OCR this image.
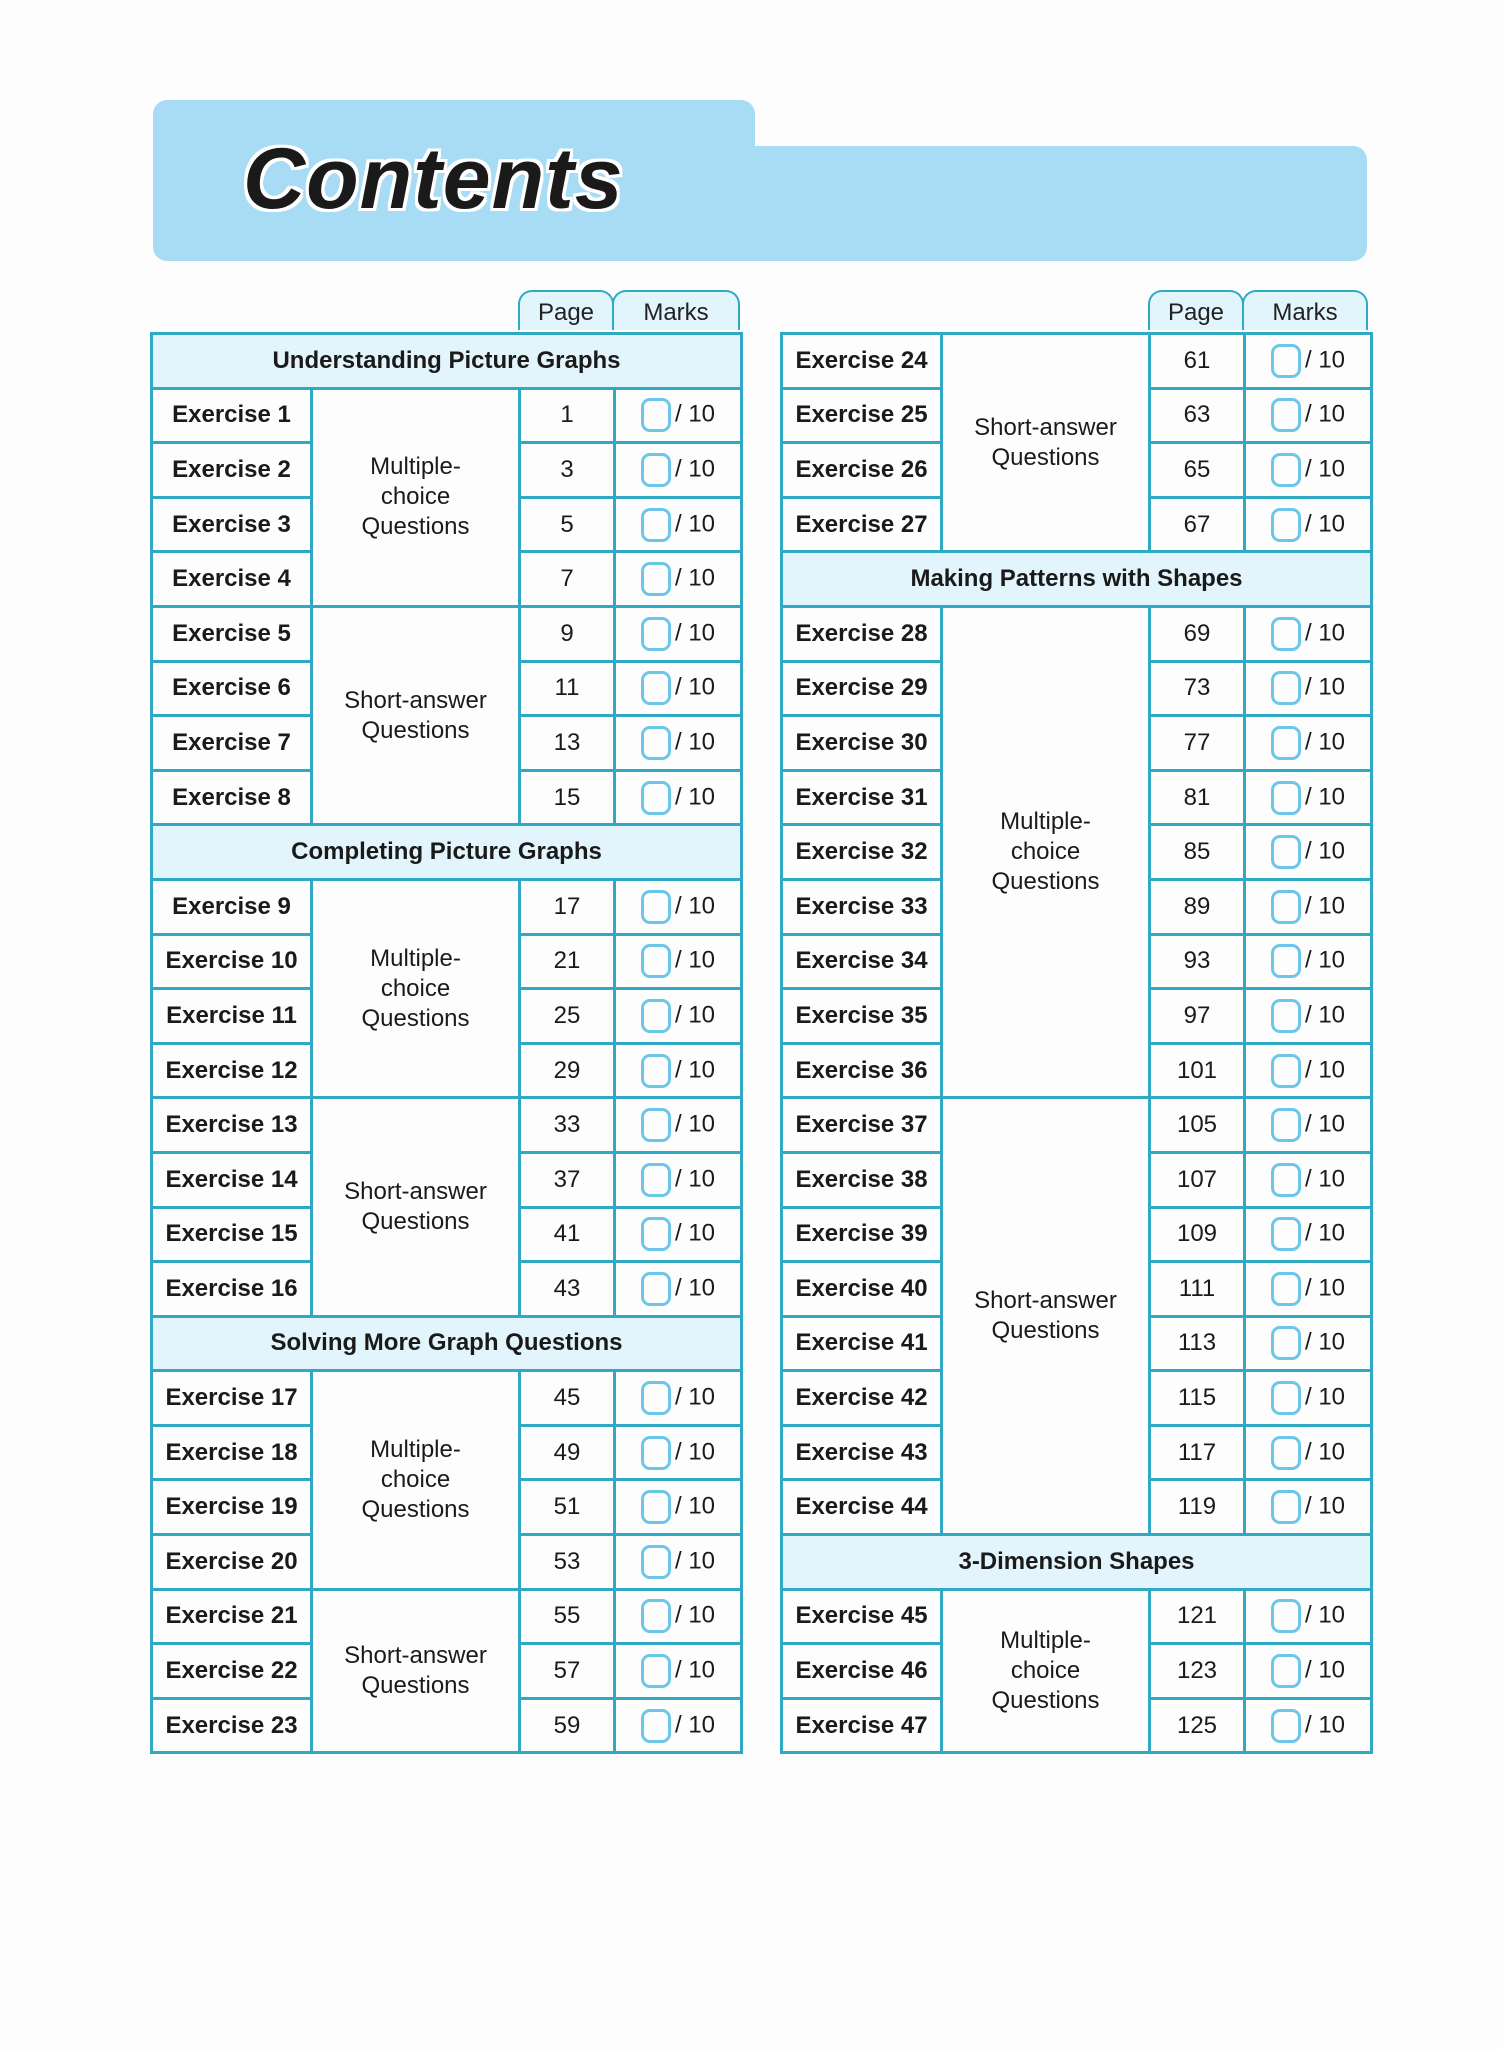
Contents
Page	Marks
Understanding Picture Graphs			
Exercise 1	Multiple-choice Questions	1	/ 10
Exercise 2		3	/ 10
Exercise 3		5	/ 10
Exercise 4		7	/ 10
Exercise 5	Short-answer Questions	9	/ 10
Exercise 6		11	/ 10
Exercise 7		13	/ 10
Exercise 8		15	/ 10
Completing Picture Graphs			
Exercise 9	Multiple-choice Questions	17	/ 10
Exercise 10		21	/ 10
Exercise 11		25	/ 10
Exercise 12		29	/ 10
Exercise 13	Short-answer Questions	33	/ 10
Exercise 14		37	/ 10
Exercise 15		41	/ 10
Exercise 16		43	/ 10
Solving More Graph Questions			
Exercise 17	Multiple-choice Questions	45	/ 10
Exercise 18		49	/ 10
Exercise 19		51	/ 10
Exercise 20		53	/ 10
Exercise 21	Short-answer Questions	55	/ 10
Exercise 22		57	/ 10
Exercise 23		59	/ 10
Page	Marks
Exercise 24	Short-answer Questions	61	/ 10
Exercise 25		63	/ 10
Exercise 26		65	/ 10
Exercise 27		67	/ 10
Making Patterns with Shapes			
Exercise 28	Multiple-choice Questions	69	/ 10
Exercise 29		73	/ 10
Exercise 30		77	/ 10
Exercise 31		81	/ 10
Exercise 32		85	/ 10
Exercise 33		89	/ 10
Exercise 34		93	/ 10
Exercise 35		97	/ 10
Exercise 36		101	/ 10
Exercise 37	Short-answer Questions	105	/ 10
Exercise 38		107	/ 10
Exercise 39		109	/ 10
Exercise 40		111	/ 10
Exercise 41		113	/ 10
Exercise 42		115	/ 10
Exercise 43		117	/ 10
Exercise 44		119	/ 10
3-Dimension Shapes			
Exercise 45	Multiple-choice Questions	121	/ 10
Exercise 46		123	/ 10
Exercise 47		125	/ 10
